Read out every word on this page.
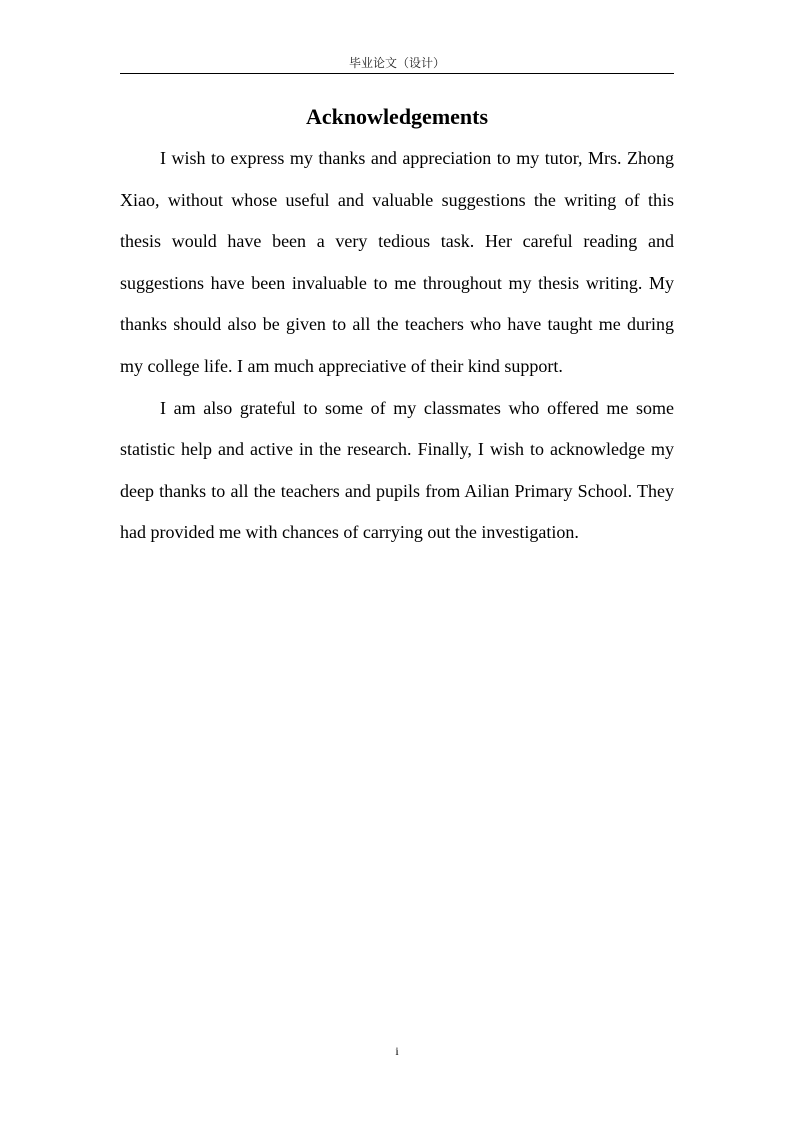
毕业论文（设计）
Acknowledgements

I wish to express my thanks and appreciation to my tutor, Mrs. Zhong Xiao, without whose useful and valuable suggestions the writing of this thesis would have been a very tedious task. Her careful reading and suggestions have been invaluable to me throughout my thesis writing. My thanks should also be given to all the teachers who have taught me during my college life. I am much appreciative of their kind support.

I am also grateful to some of my classmates who offered me some statistic help and active in the research. Finally, I wish to acknowledge my deep thanks to all the teachers and pupils from Ailian Primary School. They had provided me with chances of carrying out the investigation.

i
